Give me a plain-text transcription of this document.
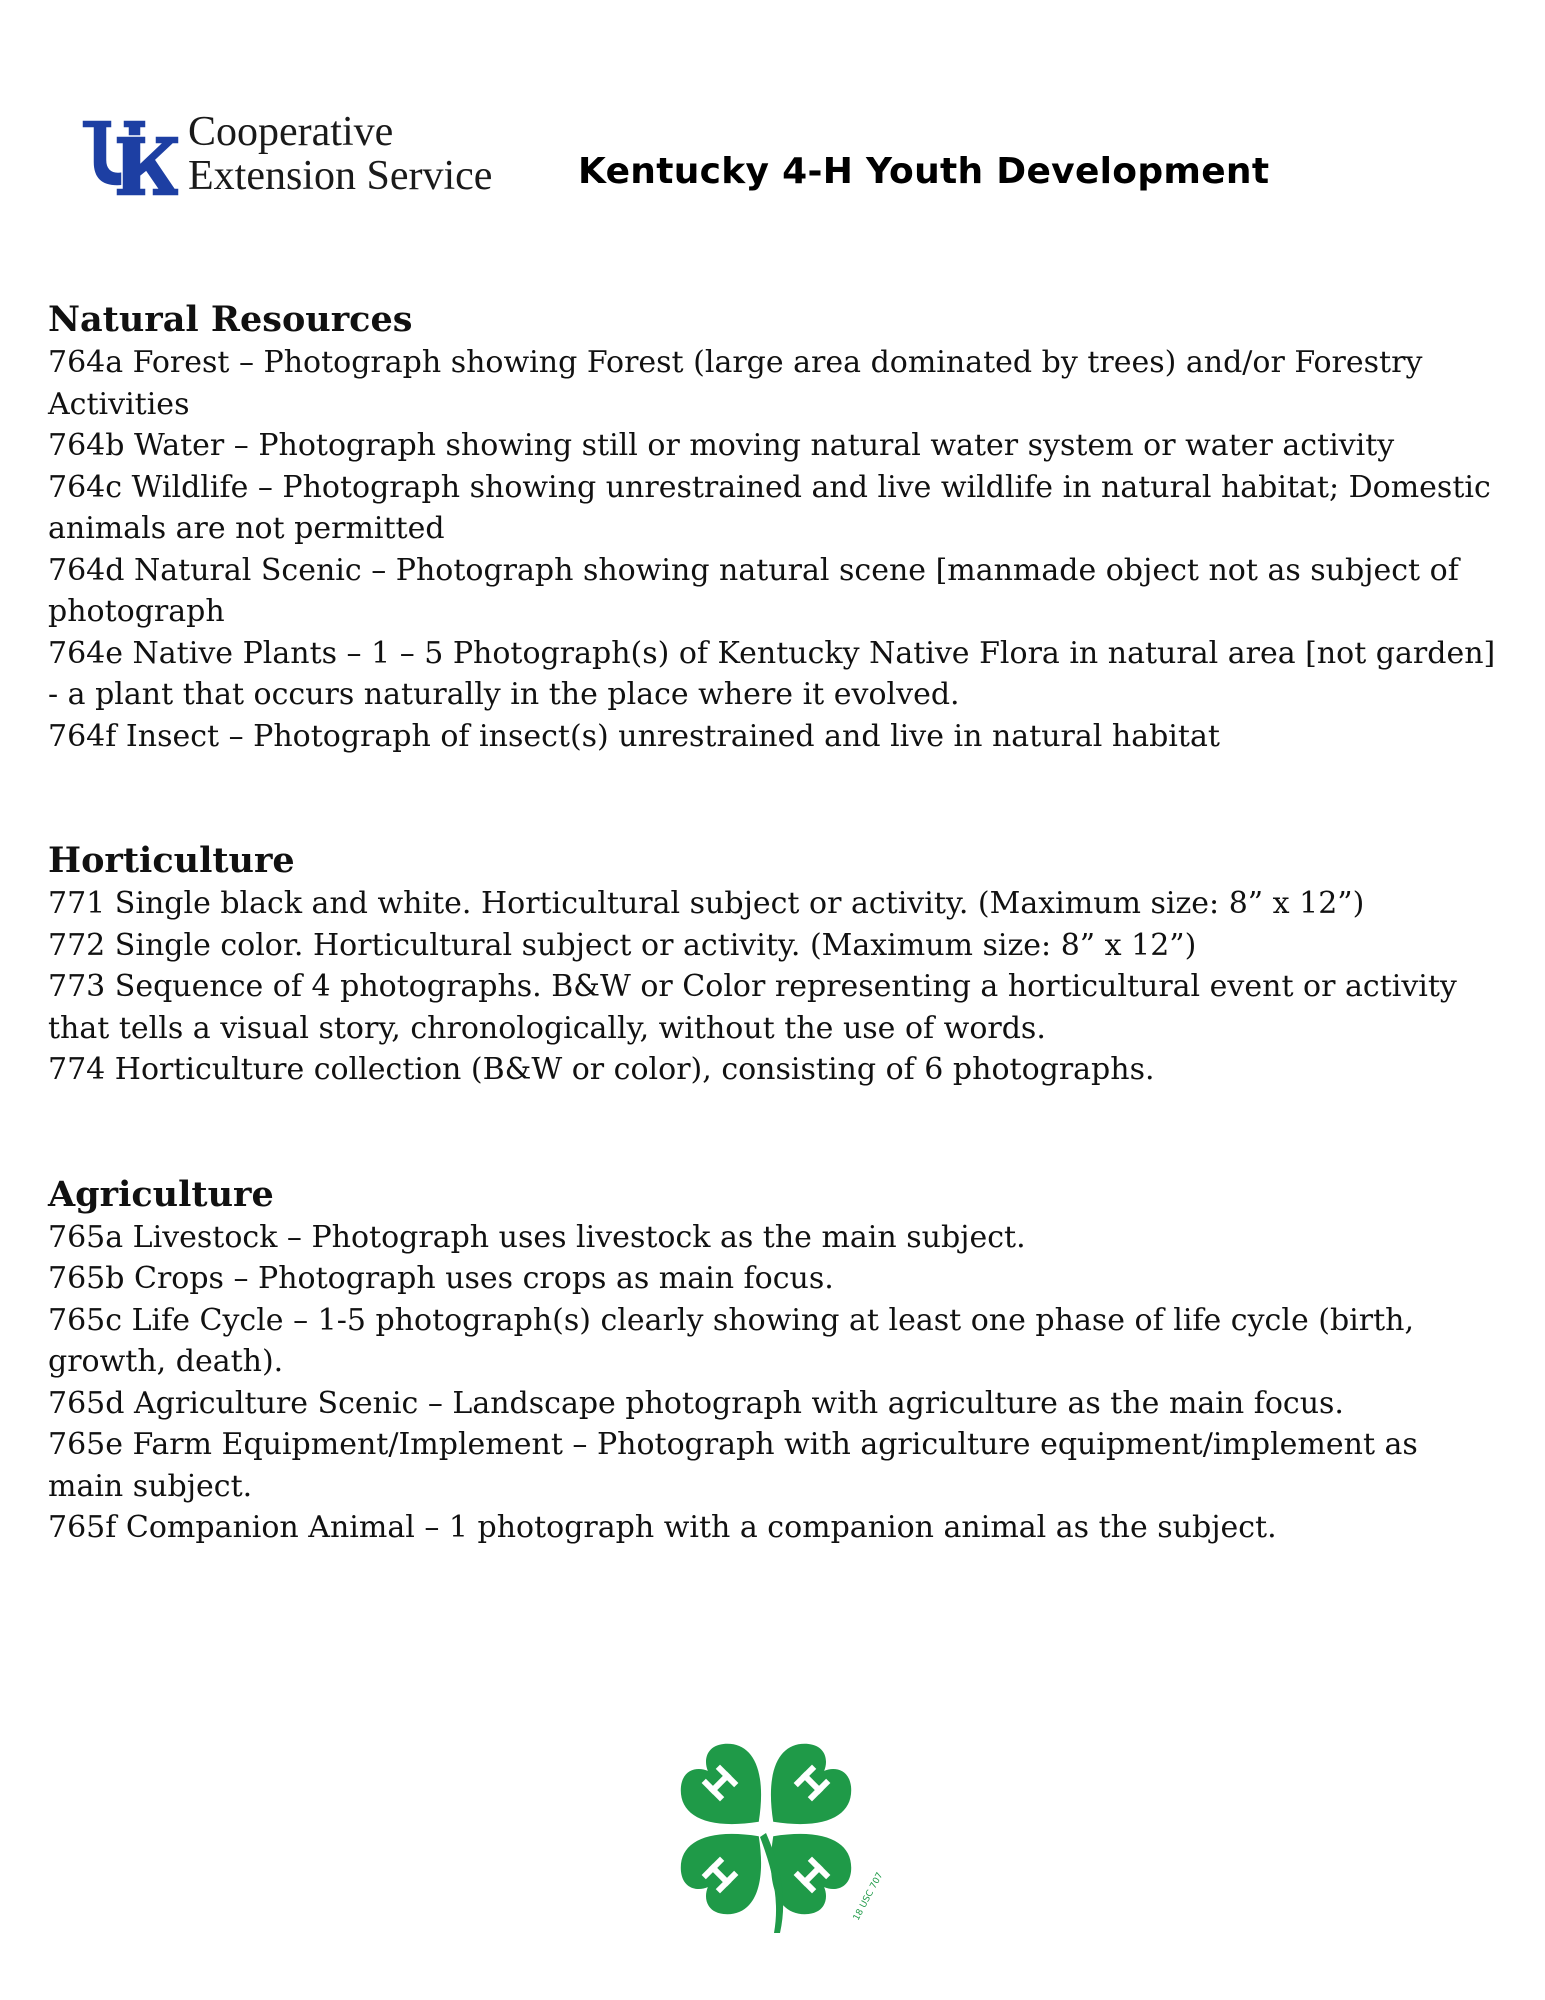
Cooperative
Extension Service Kentucky 4-H Youth Development
Natural Resources

764a Forest – Photograph showing Forest (large area dominated by trees) and/or Forestry Activities

764b Water – Photograph showing still or moving natural water system or water activity

764c Wildlife – Photograph showing unrestrained and live wildlife in natural habitat; Domestic animals are not permitted

764d Natural Scenic – Photograph showing natural scene [manmade object not as subject of photograph

764e Native Plants – 1 – 5 Photograph(s) of Kentucky Native Flora in natural area [not garden] - a plant that occurs naturally in the place where it evolved.

764f Insect – Photograph of insect(s) unrestrained and live in natural habitat

Horticulture

771 Single black and white. Horticultural subject or activity. (Maximum size: 8” x 12”)

772 Single color. Horticultural subject or activity. (Maximum size: 8” x 12”)

773 Sequence of 4 photographs. B&W or Color representing a horticultural event or activity that tells a visual story, chronologically, without the use of words.

774 Horticulture collection (B&W or color), consisting of 6 photographs.

Agriculture

765a Livestock – Photograph uses livestock as the main subject.

765b Crops – Photograph uses crops as main focus.

765c Life Cycle – 1-5 photograph(s) clearly showing at least one phase of life cycle (birth, growth, death).

765d Agriculture Scenic – Landscape photograph with agriculture as the main focus.

765e Farm Equipment/Implement – Photograph with agriculture equipment/implement as main subject.

765f Companion Animal – 1 photograph with a companion animal as the subject.

18 USC 707
